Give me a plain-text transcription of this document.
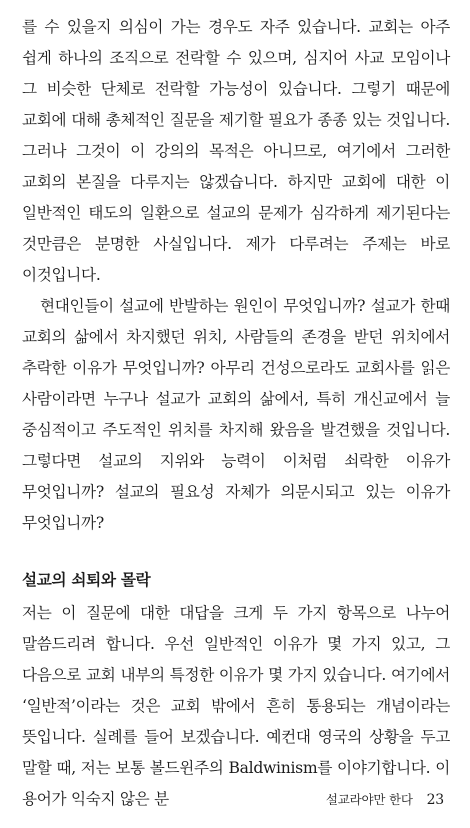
를 수 있을지 의심이 가는 경우도 자주 있습니다. 교회는 아주 쉽게 하나의 조직으로 전락할 수 있으며, 심지어 사교 모임이나 그 비슷한 단체로 전락할 가능성이 있습니다. 그렇기 때문에 교회에 대해 총체적인 질문을 제기할 필요가 종종 있는 것입니다. 그러나 그것이 이 강의의 목적은 아니므로, 여기에서 그러한 교회의 본질을 다루지는 않겠습니다. 하지만 교회에 대한 이 일반적인 태도의 일환으로 설교의 문제가 심각하게 제기된다는 것만큼은 분명한 사실입니다. 제가 다루려는 주제는 바로 이것입니다.

현대인들이 설교에 반발하는 원인이 무엇입니까? 설교가 한때 교회의 삶에서 차지했던 위치, 사람들의 존경을 받던 위치에서 추락한 이유가 무엇입니까? 아무리 건성으로라도 교회사를 읽은 사람이라면 누구나 설교가 교회의 삶에서, 특히 개신교에서 늘 중심적이고 주도적인 위치를 차지해 왔음을 발견했을 것입니다. 그렇다면 설교의 지위와 능력이 이처럼 쇠락한 이유가 무엇입니까? 설교의 필요성 자체가 의문시되고 있는 이유가 무엇입니까?

설교의 쇠퇴와 몰락

저는 이 질문에 대한 대답을 크게 두 가지 항목으로 나누어 말씀드리려 합니다. 우선 일반적인 이유가 몇 가지 있고, 그 다음으로 교회 내부의 특정한 이유가 몇 가지 있습니다. 여기에서 ‘일반적’이라는 것은 교회 밖에서 흔히 통용되는 개념이라는 뜻입니다. 실례를 들어 보겠습니다. 예컨대 영국의 상황을 두고 말할 때, 저는 보통 볼드윈주의 Baldwinism를 이야기합니다. 이 용어가 익숙지 않은 분	설교라야만 한다 23
